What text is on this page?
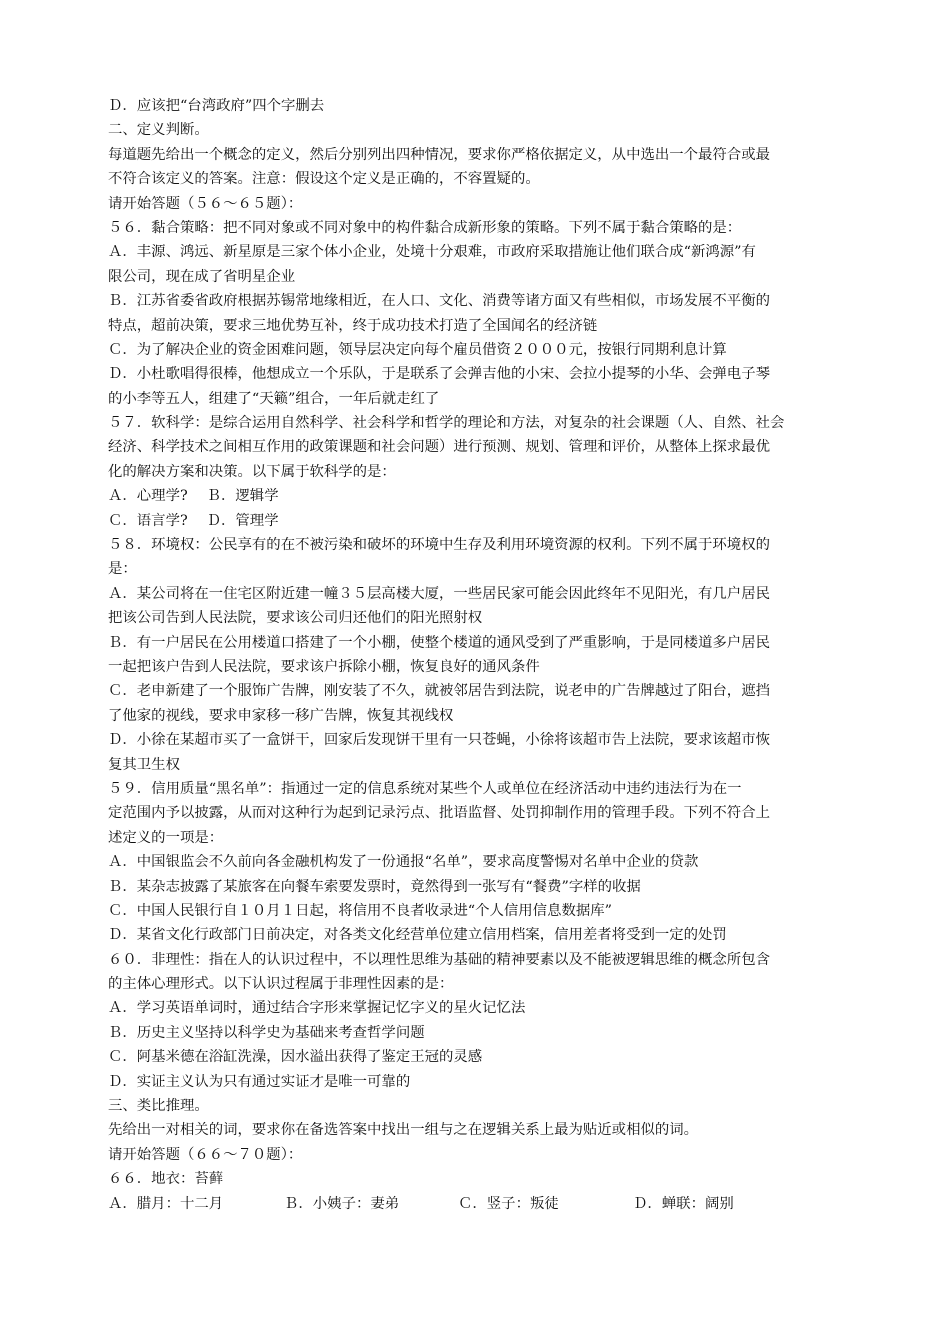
Ｄ．应该把“台湾政府”四个字删去
二、定义判断。
每道题先给出一个概念的定义，然后分别列出四种情况，要求你严格依据定义，从中选出一个最符合或最
不符合该定义的答案。注意：假设这个定义是正确的，不容置疑的。
请开始答题（５６～６５题）：
５６．黏合策略：把不同对象或不同对象中的构件黏合成新形象的策略。下列不属于黏合策略的是：
Ａ．丰源、鸿远、新星原是三家个体小企业，处境十分艰难，市政府采取措施让他们联合成“新鸿源”有
限公司，现在成了省明星企业
Ｂ．江苏省委省政府根据苏锡常地缘相近，在人口、文化、消费等诸方面又有些相似，市场发展不平衡的
特点，超前决策，要求三地优势互补，终于成功技术打造了全国闻名的经济链
Ｃ．为了解决企业的资金困难问题，领导层决定向每个雇员借资２０００元，按银行同期利息计算
Ｄ．小杜歌唱得很棒，他想成立一个乐队，于是联系了会弹吉他的小宋、会拉小提琴的小华、会弹电子琴
的小李等五人，组建了“天籁”组合，一年后就走红了
５７．软科学：是综合运用自然科学、社会科学和哲学的理论和方法，对复杂的社会课题（人、自然、社会
经济、科学技术之间相互作用的政策课题和社会问题）进行预测、规划、管理和评价，从整体上探求最优
化的解决方案和决策。以下属于软科学的是：
Ａ．心理学?　 Ｂ．逻辑学
Ｃ．语言学?　 Ｄ．管理学
５８．环境权：公民享有的在不被污染和破坏的环境中生存及利用环境资源的权利。下列不属于环境权的
是：
Ａ．某公司将在一住宅区附近建一幢３５层高楼大厦，一些居民家可能会因此终年不见阳光，有几户居民
把该公司告到人民法院，要求该公司归还他们的阳光照射权
Ｂ．有一户居民在公用楼道口搭建了一个小棚，使整个楼道的通风受到了严重影响，于是同楼道多户居民
一起把该户告到人民法院，要求该户拆除小棚，恢复良好的通风条件
Ｃ．老申新建了一个服饰广告牌，刚安装了不久，就被邻居告到法院，说老申的广告牌越过了阳台，遮挡
了他家的视线，要求申家移一移广告牌，恢复其视线权
Ｄ．小徐在某超市买了一盒饼干，回家后发现饼干里有一只苍蝇，小徐将该超市告上法院，要求该超市恢
复其卫生权
５９．信用质量“黑名单”：指通过一定的信息系统对某些个人或单位在经济活动中违约违法行为在一
定范围内予以披露，从而对这种行为起到记录污点、批语监督、处罚抑制作用的管理手段。下列不符合上
述定义的一项是：
Ａ．中国银监会不久前向各金融机构发了一份通报“名单”，要求高度警惕对名单中企业的贷款
Ｂ．某杂志披露了某旅客在向餐车索要发票时，竟然得到一张写有“餐费”字样的收据
Ｃ．中国人民银行自１０月１日起，将信用不良者收录进“个人信用信息数据库”
Ｄ．某省文化行政部门日前决定，对各类文化经营单位建立信用档案，信用差者将受到一定的处罚
６０．非理性：指在人的认识过程中，不以理性思维为基础的精神要素以及不能被逻辑思维的概念所包含
的主体心理形式。以下认识过程属于非理性因素的是：
Ａ．学习英语单词时，通过结合字形来掌握记忆字义的星火记忆法
Ｂ．历史主义坚持以科学史为基础来考查哲学问题
Ｃ．阿基米德在浴缸洗澡，因水溢出获得了鉴定王冠的灵感
Ｄ．实证主义认为只有通过实证才是唯一可靠的
三、类比推理。
先给出一对相关的词，要求你在备选答案中找出一组与之在逻辑关系上最为贴近或相似的词。
请开始答题（６６～７０题）：
６６．地衣：苔藓
Ａ．腊月：十二月	Ｂ．小姨子：妻弟	Ｃ．竖子：叛徒	Ｄ．蝉联：阔别
